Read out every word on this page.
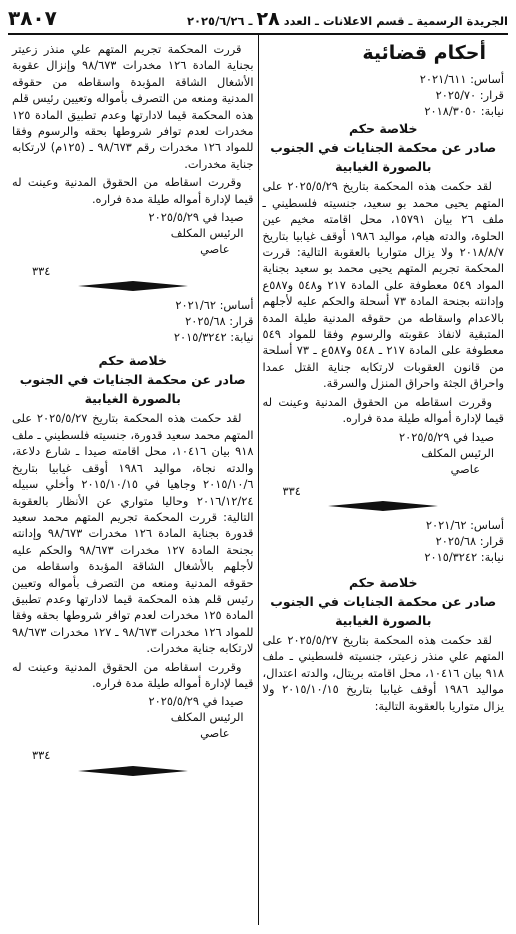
الجريدة الرسمية ـ قسم الاعلانات ـ العدد ٢٨ ـ ٢٠٢٥/٦/٢٦
٣٨٠٧
أحكام قضائية
أساس: ٢٠٢١/٦١١
قرار: ٢٠٢٥/٧٠
نيابة: ٢٠١٨/٣٠٥٠
خلاصة حكم
صادر عن محكمة الجنايات في الجنوب
بالصورة الغيابية

لقد حكمت هذه المحكمة بتاريخ ٢٠٢٥/٥/٢٩ على المتهم يحيى محمد بو سعيد، جنسيته فلسطيني ـ ملف ٢٦ بيان ١٥٧٩١، محل اقامته مخيم عين الحلوة، والدته هيام، مواليد ١٩٨٦ أوقف غيابيا بتاريخ ٢٠١٨/٨/٧ ولا يزال متواريا بالعقوبة التالية: قررت المحكمة تجريم المتهم يحيى محمد بو سعيد بجناية المواد ٥٤٩ معطوفة على المادة ٢١٧ و٥٤٨ و٥٨٧ع وإدانته بجنحة المادة ٧٣ أسحلة والحكم عليه لأجلهم بالاعدام واسقاطه من حقوقه المدنية طيلة المدة المتبقية لانفاذ عقوبته والرسوم وفقا للمواد ٥٤٩ معطوفة على المادة ٢١٧ ـ ٥٤٨ و٥٨٧ع ـ ٧٣ أسلحة من قانون العقوبات لارتكابه جناية القتل عمدا واحراق الجثة واحراق المنزل والسرقة.

وقررت اسقاطه من الحقوق المدنية وعينت له قيما لإدارة أمواله طيلة مدة فراره.

صيدا في ٢٠٢٥/٥/٢٩
الرئيس المكلف
عاصي
٣٣٤
أساس: ٢٠٢١/٦٢
قرار: ٢٠٢٥/٦٨
نيابة: ٢٠١٥/٣٢٤٢
خلاصة حكم
صادر عن محكمة الجنايات في الجنوب
بالصورة الغيابية

لقد حكمت هذه المحكمة بتاريخ ٢٠٢٥/٥/٢٧ على المتهم علي منذر زعيتر، جنسيته فلسطيني ـ ملف ٩١٨ بيان ١٠٤١٦، محل اقامته بريتال، والدته اعتدال، مواليد ١٩٨٦ أوقف غيابيا بتاريخ ٢٠١٥/١٠/١٥ ولا يزال متواريا بالعقوبة التالية:

قررت المحكمة تجريم المتهم علي منذر زعيتر بجناية المادة ١٢٦ مخدرات ٩٨/٦٧٣ وإنزال عقوبة الأشغال الشاقة المؤبدة واسقاطه من حقوقه المدنية ومنعه من التصرف بأمواله وتعيين رئيس قلم هذه المحكمة قيما لادارتها وعدم تطبيق المادة ١٢٥ مخدرات لعدم توافر شروطها بحقه والرسوم وفقا للمواد ١٢٦ مخدرات رقم ٩٨/٦٧٣ ـ (١٢٥م) لارتكابه جناية مخدرات.

وقررت اسقاطه من الحقوق المدنية وعينت له قيما لإدارة أمواله طيلة مدة فراره.

صيدا في ٢٠٢٥/٥/٢٩
الرئيس المكلف
عاصي
٣٣٤
أساس: ٢٠٢١/٦٢
قرار: ٢٠٢٥/٦٨
نيابة: ٢٠١٥/٣٢٤٢
خلاصة حكم
صادر عن محكمة الجنايات في الجنوب
بالصورة الغيابية

لقد حكمت هذه المحكمة بتاريخ ٢٠٢٥/٥/٢٧ على المتهم محمد سعيد قدورة، جنسيته فلسطيني ـ ملف ٩١٨ بيان ١٠٤١٦، محل اقامته صيدا ـ شارع دلاعة، والدته نجاة، مواليد ١٩٨٦ أوقف غيابيا بتاريخ ٢٠١٥/١٠/٦ وجاهيا في ٢٠١٥/١٠/١٥ وأخلي سبيله ٢٠١٦/١٢/٢٤ وحاليا متواري عن الأنظار بالعقوبة التالية: قررت المحكمة تجريم المتهم محمد سعيد قدورة بجناية المادة ١٢٦ مخدرات ٩٨/٦٧٣ وإدانته بجنحة المادة ١٢٧ مخدرات ٩٨/٦٧٣ والحكم عليه لأجلهم بالأشغال الشاقة المؤبدة واسقاطه من حقوقه المدنية ومنعه من التصرف بأمواله وتعيين رئيس قلم هذه المحكمة قيما لادارتها وعدم تطبيق المادة ١٢٥ مخدرات لعدم توافر شروطها بحقه وفقا للمواد ١٢٦ مخدرات ٩٨/٦٧٣ ـ ١٢٧ مخدرات ٩٨/٦٧٣ لارتكابه جناية مخدرات.

وقررت اسقاطه من الحقوق المدنية وعينت له قيما لإدارة أمواله طيلة مدة فراره.

صيدا في ٢٠٢٥/٥/٢٩
الرئيس المكلف
عاصي
٣٣٤
